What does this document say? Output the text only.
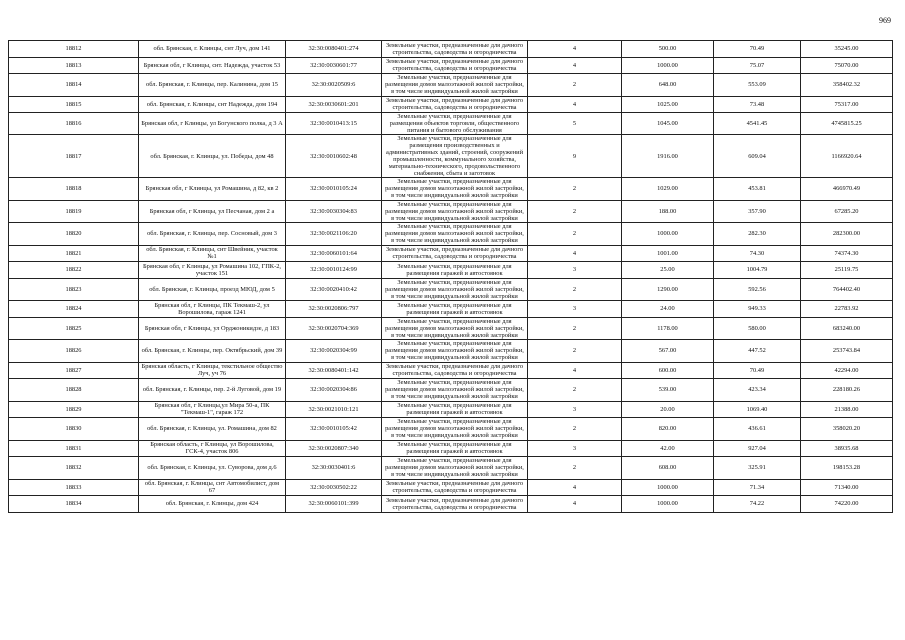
969
18812	обл. Брянская, г. Клинцы, снт Луч, дом 141	32:30:0080401:274	Земельные участки, предназначенные для дачного строительства, садоводства и огородничества	4	500.00	70.49	35245.00
18813	Брянская обл, г Клинцы, снт. Надежда, участок 53	32:30:0030601:77	Земельные участки, предназначенные для дачного строительства, садоводства и огородничества	4	1000.00	75.07	75070.00
18814	обл. Брянская, г. Клинцы, пер. Калинина, дом 15	32:30:0020509:6	Земельные участки, предназначенные для размещения домов малоэтажной жилой застройки, в том числе индивидуальной жилой застройки	2	648.00	553.09	358402.32
18815	обл. Брянская, г. Клинцы, снт Надежда, дом 194	32:30:0030601:201	Земельные участки, предназначенные для дачного строительства, садоводства и огородничества	4	1025.00	73.48	75317.00
18816	Брянская обл, г Клинцы, ул Богунского полка, д 3 А	32:30:0010413:15	Земельные участки, предназначенные для размещения объектов торговли, общественного питания и бытового обслуживания	5	1045.00	4541.45	4745815.25
18817	обл. Брянская, г. Клинцы, ул. Победы, дом 48	32:30:0010602:48	Земельные участки, предназначенные для размещения производственных и административных зданий, строений, сооружений промышленности, коммунального хозяйства, материально-технического, продовольственного снабжения, сбыта и заготовок	9	1916.00	609.04	1166920.64
18818	Брянская обл, г Клинцы, ул Ромашина, д 82, кв 2	32:30:0010105:24	Земельные участки, предназначенные для размещения домов малоэтажной жилой застройки, в том числе индивидуальной жилой застройки	2	1029.00	453.81	466970.49
18819	Брянская обл, г Клинцы, ул Песчаная, дом 2 а	32:30:0030304:83	Земельные участки, предназначенные для размещения домов малоэтажной жилой застройки, в том числе индивидуальной жилой застройки	2	188.00	357.90	67285.20
18820	обл. Брянская, г. Клинцы, пер. Сосновый, дом 3	32:30:0021106:20	Земельные участки, предназначенные для размещения домов малоэтажной жилой застройки, в том числе индивидуальной жилой застройки	2	1000.00	282.30	282300.00
18821	обл. Брянская, г. Клинцы, снт Швейник, участок №1	32:30:0060101:64	Земельные участки, предназначенные для дачного строительства, садоводства и огородничества	4	1001.00	74.30	74374.30
18822	Брянская обл, г Клинцы, ул Ромашина 102, ГПК-2, участок 151	32:30:0010124:99	Земельные участки, предназначенные для размещения гаражей и автостоянок	3	25.00	1004.79	25119.75
18823	обл. Брянская, г. Клинцы, проезд МЮД, дом 5	32:30:0020410:42	Земельные участки, предназначенные для размещения домов малоэтажной жилой застройки, в том числе индивидуальной жилой застройки	2	1290.00	592.56	764402.40
18824	Брянская обл, г Клинцы, ПК Текмаш-2, ул Ворошилова, гараж 1241	32:30:0020806:797	Земельные участки, предназначенные для размещения гаражей и автостоянок	3	24.00	949.33	22783.92
18825	Брянская обл, г Клинцы, ул Орджоникидзе, д 183	32:30:0020704:369	Земельные участки, предназначенные для размещения домов малоэтажной жилой застройки, в том числе индивидуальной жилой застройки	2	1178.00	580.00	683240.00
18826	обл. Брянская, г. Клинцы, пер. Октябрьский, дом 39	32:30:0020304:99	Земельные участки, предназначенные для размещения домов малоэтажной жилой застройки, в том числе индивидуальной жилой застройки	2	567.00	447.52	253743.84
18827	Брянская область, г Клинцы, текстильное общество Луч, уч 76	32:30:0080401:142	Земельные участки, предназначенные для дачного строительства, садоводства и огородничества	4	600.00	70.49	42294.00
18828	обл. Брянская, г. Клинцы, пер. 2-й Луговой, дом 19	32:30:0020304:86	Земельные участки, предназначенные для размещения домов малоэтажной жилой застройки, в том числе индивидуальной жилой застройки	2	539.00	423.34	228180.26
18829	Брянская обл, г Клинцы,ул Мира 50-а, ПК "Текмаш-1", гараж 172	32:30:0021010:121	Земельные участки, предназначенные для размещения гаражей и автостоянок	3	20.00	1069.40	21388.00
18830	обл. Брянская, г. Клинцы, ул. Ромашина, дом 82	32:30:0010105:42	Земельные участки, предназначенные для размещения домов малоэтажной жилой застройки, в том числе индивидуальной жилой застройки	2	820.00	436.61	358020.20
18831	Брянская область, г Клинцы, ул Ворошилова, ГСК-4, участок 806	32:30:0020807:340	Земельные участки, предназначенные для размещения гаражей и автостоянок	3	42.00	927.04	38935.68
18832	обл. Брянская, г. Клинцы, ул. Суворова, дом д.6	32:30:0030401:6	Земельные участки, предназначенные для размещения домов малоэтажной жилой застройки, в том числе индивидуальной жилой застройки	2	608.00	325.91	198153.28
18833	обл. Брянская, г. Клинцы, снт Автомобилист, дом 67	32:30:0030502:22	Земельные участки, предназначенные для дачного строительства, садоводства и огородничества	4	1000.00	71.34	71340.00
18834	обл. Брянская, г. Клинцы, дом 424	32:30:0060101:399	Земельные участки, предназначенные для дачного строительства, садоводства и огородничества	4	1000.00	74.22	74220.00
